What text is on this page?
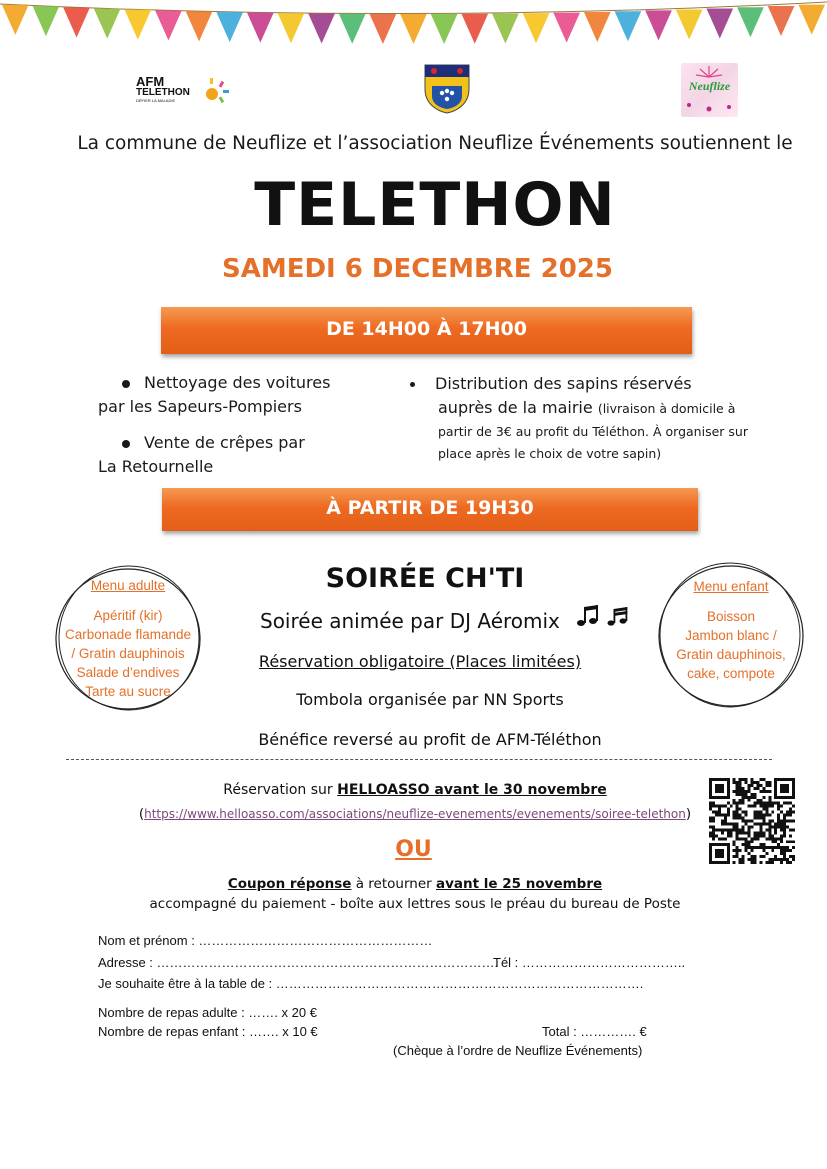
AFM
TELETHON
DÉFIER LA MALADIE
Neuflize
La commune de Neuflize et l’association Neuflize Événements soutiennent le
TELETHON
SAMEDI 6 DECEMBRE 2025
DE 14H00 À 17H00
Nettoyage des voitures
par les Sapeurs-Pompiers
Vente de crêpes par
La Retournelle
Distribution des sapins réservés
auprès de la mairie (livraison à domicile à
partir de 3€ au profit du Téléthon. À organiser sur
place après le choix de votre sapin)
À PARTIR DE 19H30
Menu adulte
Apéritif (kir)
Carbonade flamande
/ Gratin dauphinois
Salade d’endives
Tarte au sucre
Menu enfant
Boisson
Jambon blanc /
Gratin dauphinois,
cake, compote
SOIRÉE CH'TI
Soirée animée par DJ Aéromix
Réservation obligatoire (Places limitées)
Tombola organisée par NN Sports
Bénéfice reversé au profit de AFM-Téléthon
Réservation sur HELLOASSO avant le 30 novembre
(https://www.helloasso.com/associations/neuflize-evenements/evenements/soiree-telethon)
OU
Coupon réponse à retourner avant le 25 novembre
accompagné du paiement - boîte aux lettres sous le préau du bureau de Poste
Nom et prénom : ………………………………………………
Adresse : …………………………………………………………………….
Tél : ………………………………..
Je souhaite être à la table de : ………………………………………………………………………….
Nombre de repas adulte : ……. x 20 €
Nombre de repas enfant : ……. x 10 €	Total : …………. €
(Chèque à l’ordre de Neuflize Événements)
